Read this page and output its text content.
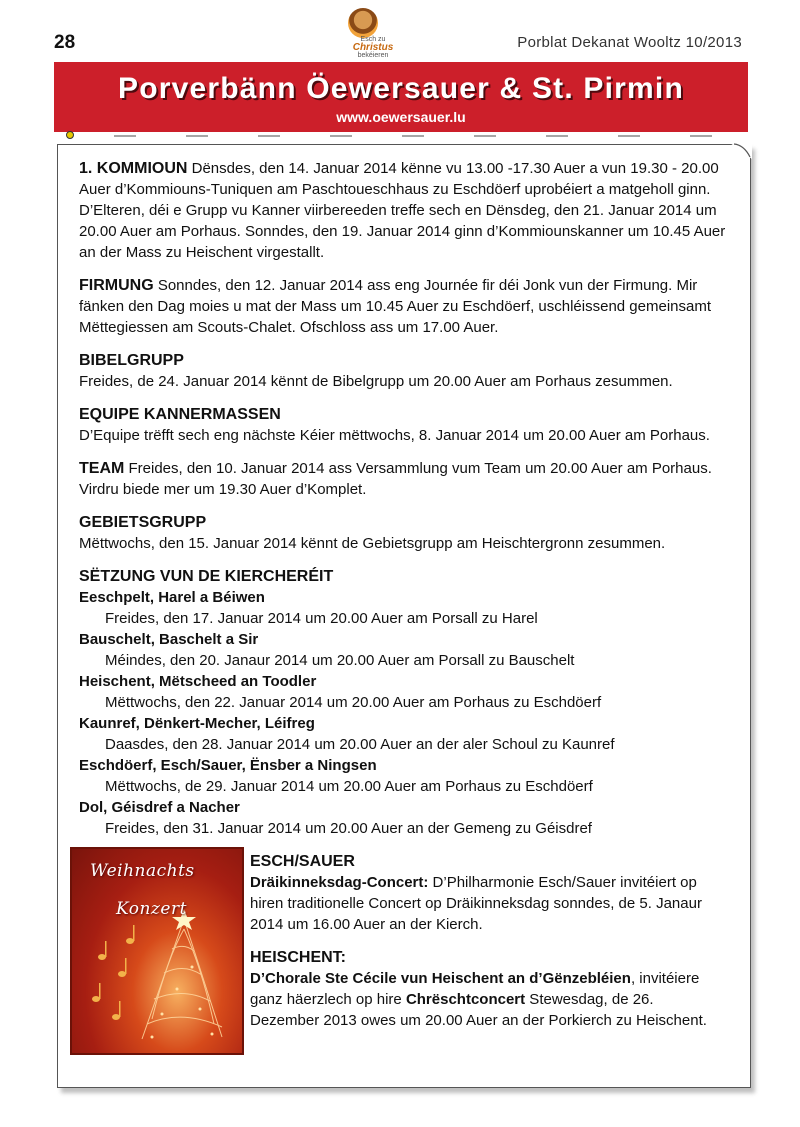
28	Esch zu
Christus
bekéieren
Porblat Dekanat Wooltz 10/2013
Porverbänn Öewersauer & St. Pirmin
www.oewersauer.lu

1. KOMMIOUN Dënsdes, den 14. Januar 2014 kënne vu 13.00 -17.30 Auer a vun 19.30 - 20.00 Auer d’Kommiouns-Tuniquen am Paschtoueschhaus zu Eschdöerf uprobéiert a matgeholl ginn. D’Elteren, déi e Grupp vu Kanner viirbereeden treffe sech en Dënsdeg, den 21. Januar 2014 um 20.00 Auer am Porhaus. Sonndes, den 19. Januar 2014 ginn d’Kommiounskanner um 10.45 Auer an der Mass zu Heischent virgestallt.

FIRMUNG Sonndes, den 12. Januar 2014 ass eng Journée fir déi Jonk vun der Firmung. Mir fänken den Dag moies u mat der Mass um 10.45 Auer zu Eschdöerf, uschléissend gemeinsamt Mëttegiessen am Scouts-Chalet. Ofschloss ass um 17.00 Auer.

BIBELGRUPP
Freides, de 24. Januar 2014 kënnt de Bibelgrupp um 20.00 Auer am Porhaus zesummen.

EQUIPE KANNERMASSEN
D’Equipe trëfft sech eng nächste Kéier mëttwochs, 8. Januar 2014 um 20.00 Auer am Porhaus.

TEAM Freides, den 10. Januar 2014 ass Versammlung vum Team um 20.00 Auer am Porhaus. Virdru biede mer um 19.30 Auer d’Komplet.

GEBIETSGRUPP
Mëttwochs, den 15. Januar 2014 kënnt de Gebietsgrupp am Heischtergronn zesummen.

SËTZUNG VUN DE KIERCHERÉIT
Eeschpelt, Harel a Béiwen
Freides, den 17. Januar 2014 um 20.00 Auer am Porsall zu Harel
Bauschelt, Baschelt a Sir
Méindes, den 20. Janaur 2014 um 20.00 Auer am Porsall zu Bauschelt
Heischent, Mëtscheed an Toodler
Mëttwochs, den 22. Januar 2014 um 20.00 Auer am Porhaus zu Eschdöerf
Kaunref, Dënkert-Mecher, Léifreg
Daasdes, den 28. Januar 2014 um 20.00 Auer an der aler Schoul zu Kaunref
Eschdöerf, Esch/Sauer, Ënsber a Ningsen
Mëttwochs, de 29. Januar 2014 um 20.00 Auer am Porhaus zu Eschdöerf
Dol, Géisdref a Nacher
Freides, den 31. Januar 2014 um 20.00 Auer an der Gemeng zu Géisdref
Weihnachts
Konzert

ESCH/SAUER
Dräikinneksdag-Concert: D’Philharmonie Esch/Sauer invitéiert op hiren traditionelle Concert op Dräikinneksdag sonndes, de 5. Janaur 2014 um 16.00 Auer an der Kierch.

HEISCHENT:
D’Chorale Ste Cécile vun Heischent an d’Gënzebléien, invitéiere ganz häerzlech op hire Chrëschtconcert Stewesdag, de 26. Dezember 2013 owes um 20.00 Auer an der Porkierch zu Heischent.
